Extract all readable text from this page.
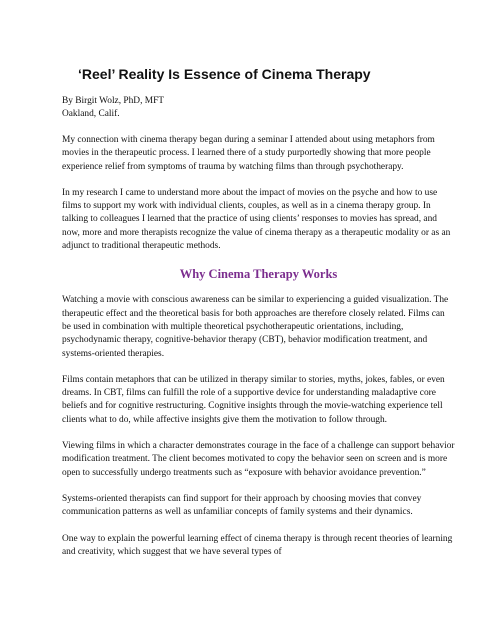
‘Reel’ Reality Is Essence of Cinema Therapy
By Birgit Wolz, PhD, MFT
Oakland, Calif.

My connection with cinema therapy began during a seminar I attended about using metaphors from movies in the therapeutic process. I learned there of a study purportedly showing that more people experience relief from symptoms of trauma by watching films than through psychotherapy.

In my research I came to understand more about the impact of movies on the psyche and how to use films to support my work with individual clients, couples, as well as in a cinema therapy group. In talking to colleagues I learned that the practice of using clients’ responses to movies has spread, and now, more and more therapists recognize the value of cinema therapy as a therapeutic modality or as an adjunct to traditional therapeutic methods.

Why Cinema Therapy Works

Watching a movie with conscious awareness can be similar to experiencing a guided visualization. The therapeutic effect and the theoretical basis for both approaches are therefore closely related. Films can be used in combination with multiple theoretical psychotherapeutic orientations, including, psychodynamic therapy, cognitive-behavior therapy (CBT), behavior modification treatment, and systems-oriented therapies.

Films contain metaphors that can be utilized in therapy similar to stories, myths, jokes, fables, or even dreams. In CBT, films can fulfill the role of a supportive device for understanding maladaptive core beliefs and for cognitive restructuring. Cognitive insights through the movie-watching experience tell clients what to do, while affective insights give them the motivation to follow through.

Viewing films in which a character demonstrates courage in the face of a challenge can support behavior modification treatment. The client becomes motivated to copy the behavior seen on screen and is more open to successfully undergo treatments such as “exposure with behavior avoidance prevention.”

Systems-oriented therapists can find support for their approach by choosing movies that convey communication patterns as well as unfamiliar concepts of family systems and their dynamics.

One way to explain the powerful learning effect of cinema therapy is through recent theories of learning and creativity, which suggest that we have several types of
